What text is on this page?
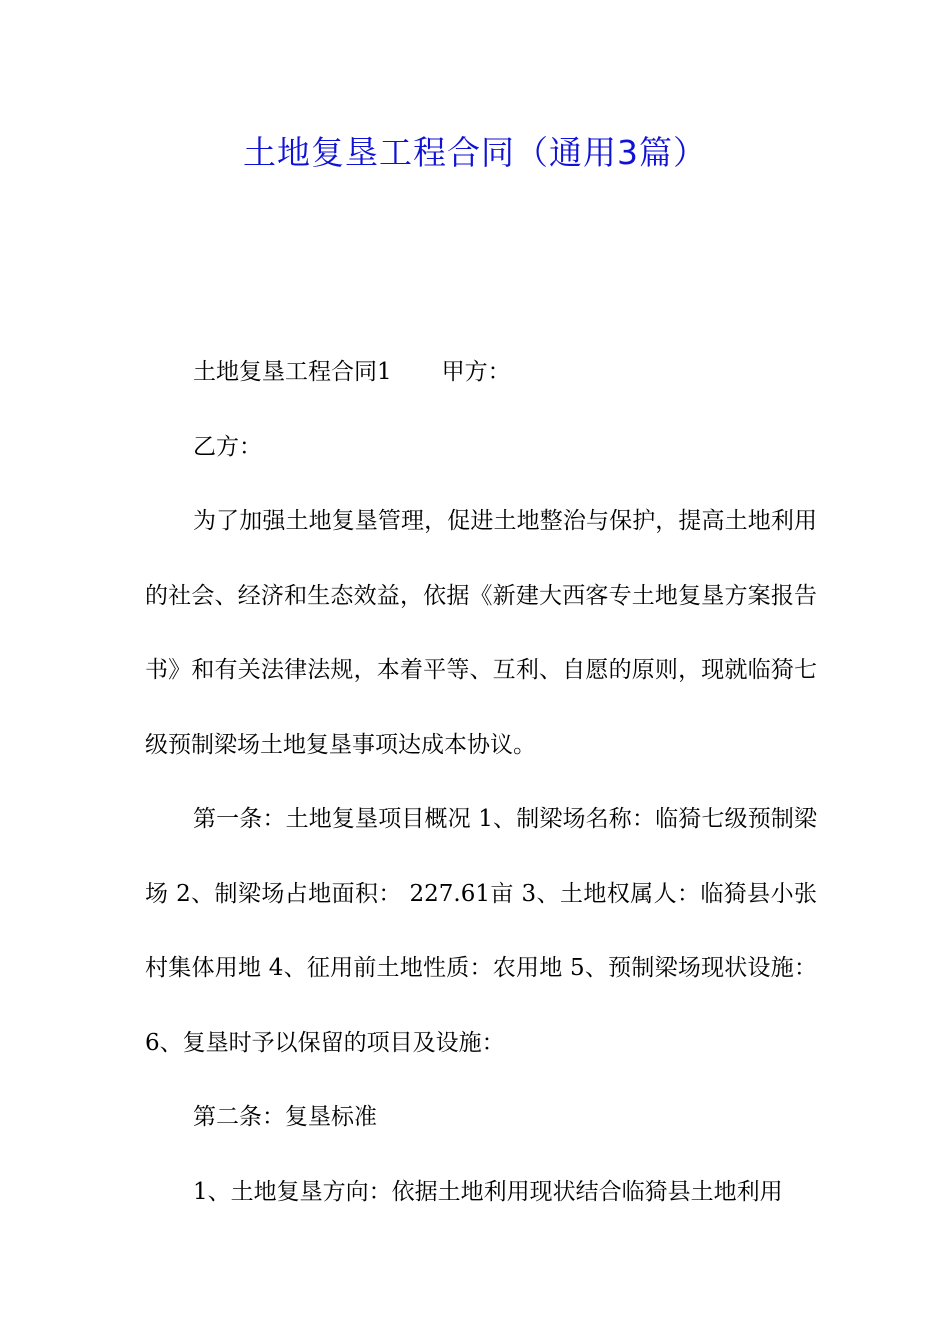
土地复垦工程合同（通用3篇）

土地复垦工程合同1 甲方：

乙方：

为了加强土地复垦管理，促进土地整治与保护，提高土地利用的社会、经济和生态效益，依据《新建大西客专土地复垦方案报告书》和有关法律法规，本着平等、互利、自愿的原则，现就临猗七级预制梁场土地复垦事项达成本协议。

第一条：土地复垦项目概况 1、制梁场名称：临猗七级预制梁场 2、制梁场占地面积： 227.61亩 3、土地权属人：临猗县小张村集体用地 4、征用前土地性质：农用地 5、预制梁场现状设施：6、复垦时予以保留的项目及设施：

第二条：复垦标准

1、土地复垦方向：依据土地利用现状结合临猗县土地利用
